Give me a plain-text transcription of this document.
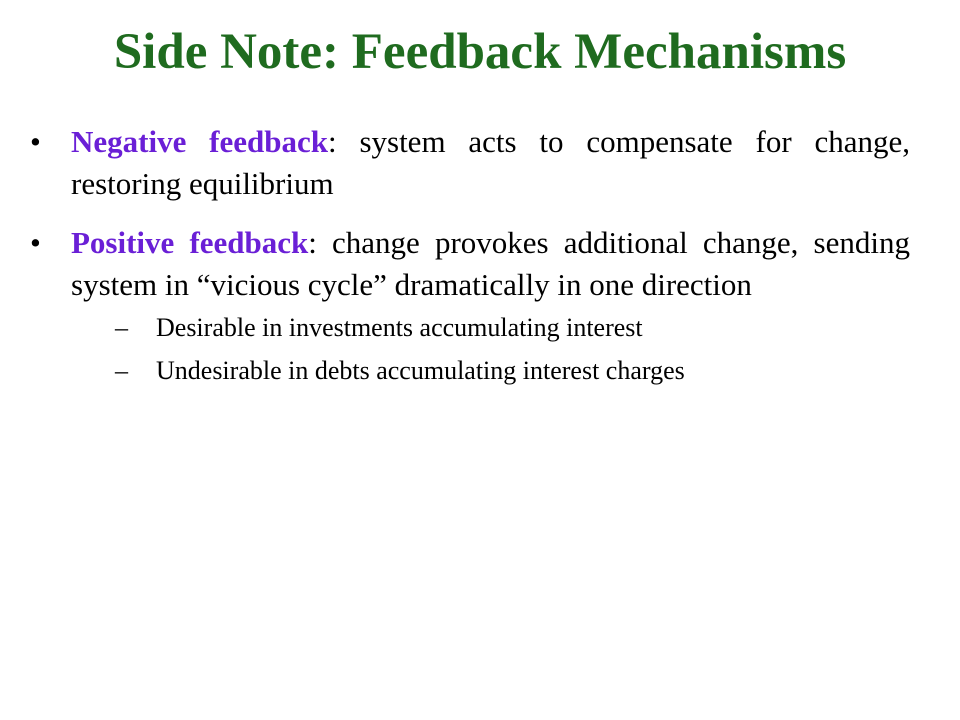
Side Note: Feedback Mechanisms
• Negative feedback: system acts to compensate for change, restoring equilibrium
• Positive feedback: change provokes additional change, sending system in “vicious cycle” dramatically in one direction
–	Desirable in investments accumulating interest
–	Undesirable in debts accumulating interest charges
